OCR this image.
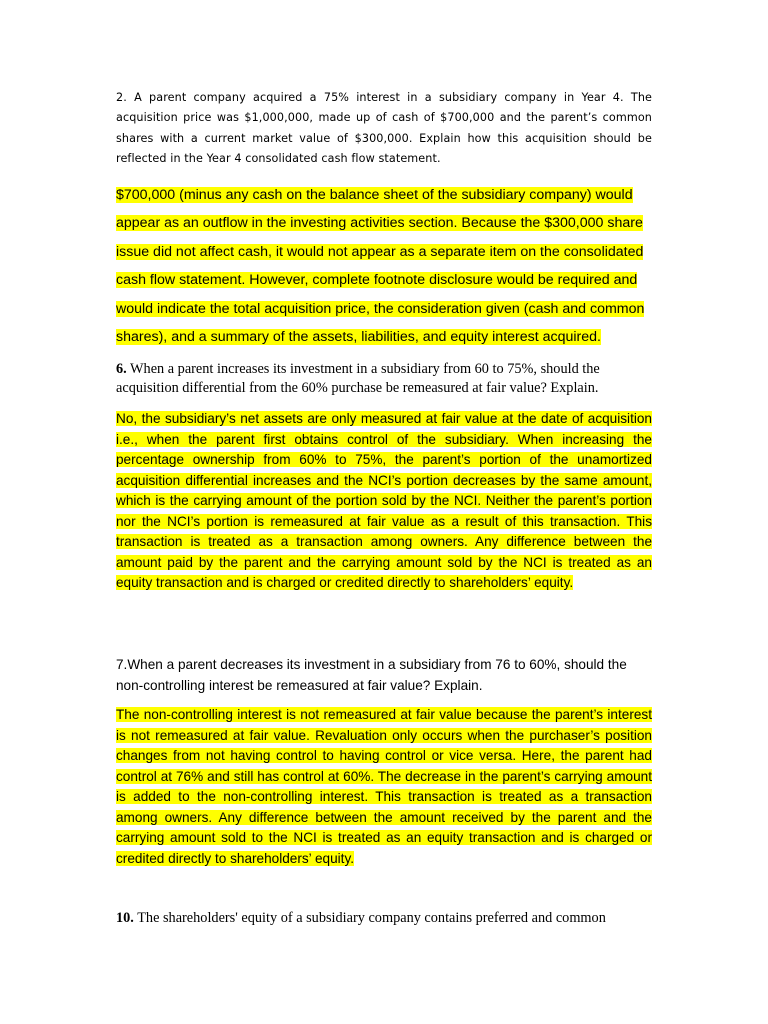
2. A parent company acquired a 75% interest in a subsidiary company in Year 4. The acquisition price was $1,000,000, made up of cash of $700,000 and the parent’s common shares with a current market value of $300,000. Explain how this acquisition should be reflected in the Year 4 consolidated cash flow statement.

$700,000 (minus any cash on the balance sheet of the subsidiary company) would appear as an outflow in the investing activities section. Because the $300,000 share issue did not affect cash, it would not appear as a separate item on the consolidated cash flow statement. However, complete footnote disclosure would be required and would indicate the total acquisition price, the consideration given (cash and common shares), and a summary of the assets, liabilities, and equity interest acquired.

6. When a parent increases its investment in a subsidiary from 60 to 75%, should the acquisition differential from the 60% purchase be remeasured at fair value? Explain.

No, the subsidiary’s net assets are only measured at fair value at the date of acquisition i.e., when the parent first obtains control of the subsidiary. When increasing the percentage ownership from 60% to 75%, the parent’s portion of the unamortized acquisition differential increases and the NCI’s portion decreases by the same amount, which is the carrying amount of the portion sold by the NCI. Neither the parent’s portion nor the NCI’s portion is remeasured at fair value as a result of this transaction. This transaction is treated as a transaction among owners. Any difference between the amount paid by the parent and the carrying amount sold by the NCI is treated as an equity transaction and is charged or credited directly to shareholders’ equity.

7.When a parent decreases its investment in a subsidiary from 76 to 60%, should the non-controlling interest be remeasured at fair value? Explain.

The non-controlling interest is not remeasured at fair value because the parent’s interest is not remeasured at fair value. Revaluation only occurs when the purchaser’s position changes from not having control to having control or vice versa. Here, the parent had control at 76% and still has control at 60%. The decrease in the parent’s carrying amount is added to the non-controlling interest. This transaction is treated as a transaction among owners. Any difference between the amount received by the parent and the carrying amount sold to the NCI is treated as an equity transaction and is charged or credited directly to shareholders’ equity.

10. The shareholders' equity of a subsidiary company contains preferred and common
